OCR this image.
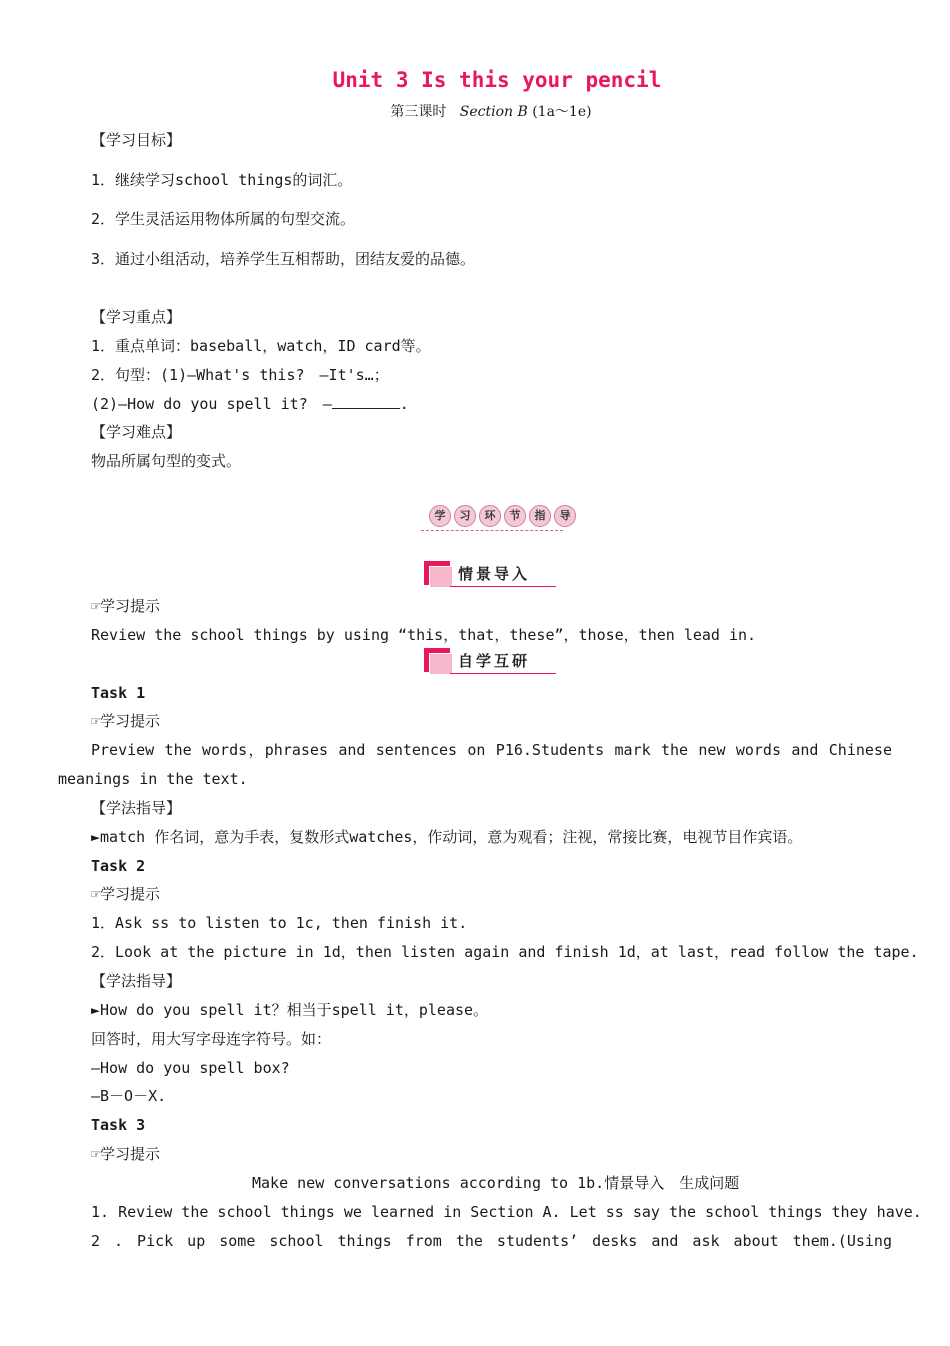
Unit 3 Is this your pencil
第三课时 Section B (1a～1e)
【学习目标】
1．继续学习school things的词汇。
2．学生灵活运用物体所属的句型交流。
3．通过小组活动，培养学生互相帮助，团结友爱的品德。
【学习重点】
1．重点单词：baseball，watch，ID card等。
2．句型：(1)—What's this?　—It's…；
(2)—How do you spell it?　—	.
【学习难点】
物品所属句型的变式。
学	习	环	节	指	导
情景导入
☞学习提示
Review the school things by using “this，that，these”，those，then lead in.
自学互研
Task 1
☞学习提示
Preview the words，phrases and sentences on P16.Students mark the new words and Chinese
meanings in the text.
【学法指导】
►match 作名词，意为手表，复数形式watches，作动词，意为观看；注视，常接比赛，电视节目作宾语。
Task 2
☞学习提示
1．Ask ss to listen to 1c, then finish it.
2．Look at the picture in 1d，then listen again and finish 1d，at last，read follow the tape.
【学法指导】
►How do you spell it？相当于spell it，please。
回答时，用大写字母连字符号。如：
—How do you spell box?
—B－O－X.
Task 3
☞学习提示
Make new conversations according to 1b.情景导入　生成问题
1. Review the school things we learned in Section A. Let ss say the school things they have.
2 . Pick up some school things from the students’ desks and ask about them.(Using
